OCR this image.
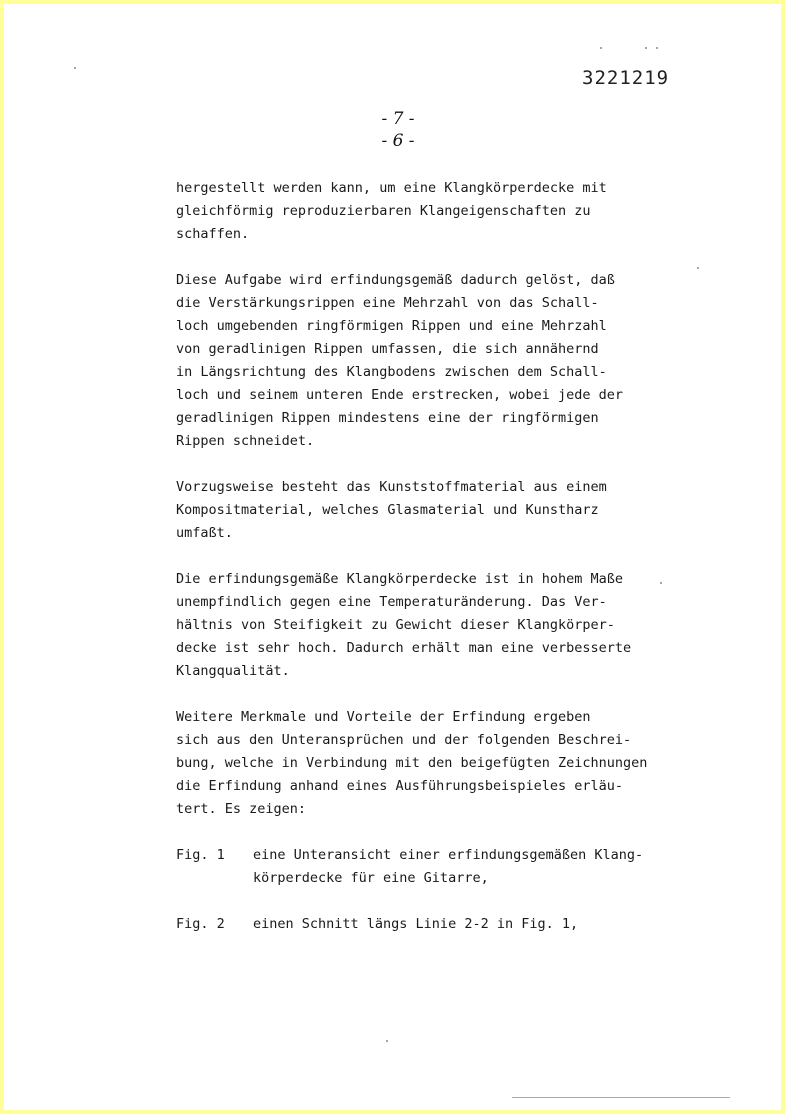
3221219
- 7 -
- 6 -
hergestellt werden kann, um eine Klangkörperdecke mit
gleichförmig reproduzierbaren Klangeigenschaften zu
schaffen.
Diese Aufgabe wird erfindungsgemäß dadurch gelöst, daß
die Verstärkungsrippen eine Mehrzahl von das Schall-
loch umgebenden ringförmigen Rippen und eine Mehrzahl
von geradlinigen Rippen umfassen, die sich annähernd
in Längsrichtung des Klangbodens zwischen dem Schall-
loch und seinem unteren Ende erstrecken, wobei jede der
geradlinigen Rippen mindestens eine der ringförmigen
Rippen schneidet.
Vorzugsweise besteht das Kunststoffmaterial aus einem
Kompositmaterial, welches Glasmaterial und Kunstharz
umfaßt.
Die erfindungsgemäße Klangkörperdecke ist in hohem Maße
unempfindlich gegen eine Temperaturänderung. Das Ver-
hältnis von Steifigkeit zu Gewicht dieser Klangkörper-
decke ist sehr hoch. Dadurch erhält man eine verbesserte
Klangqualität.
Weitere Merkmale und Vorteile der Erfindung ergeben
sich aus den Unteransprüchen und der folgenden Beschrei-
bung, welche in Verbindung mit den beigefügten Zeichnungen
die Erfindung anhand eines Ausführungsbeispieles erläu-
tert. Es zeigen:
Fig. 1	eine Unteransicht einer erfindungsgemäßen Klang-
körperdecke für eine Gitarre,
Fig. 2	einen Schnitt längs Linie 2-2 in Fig. 1,
